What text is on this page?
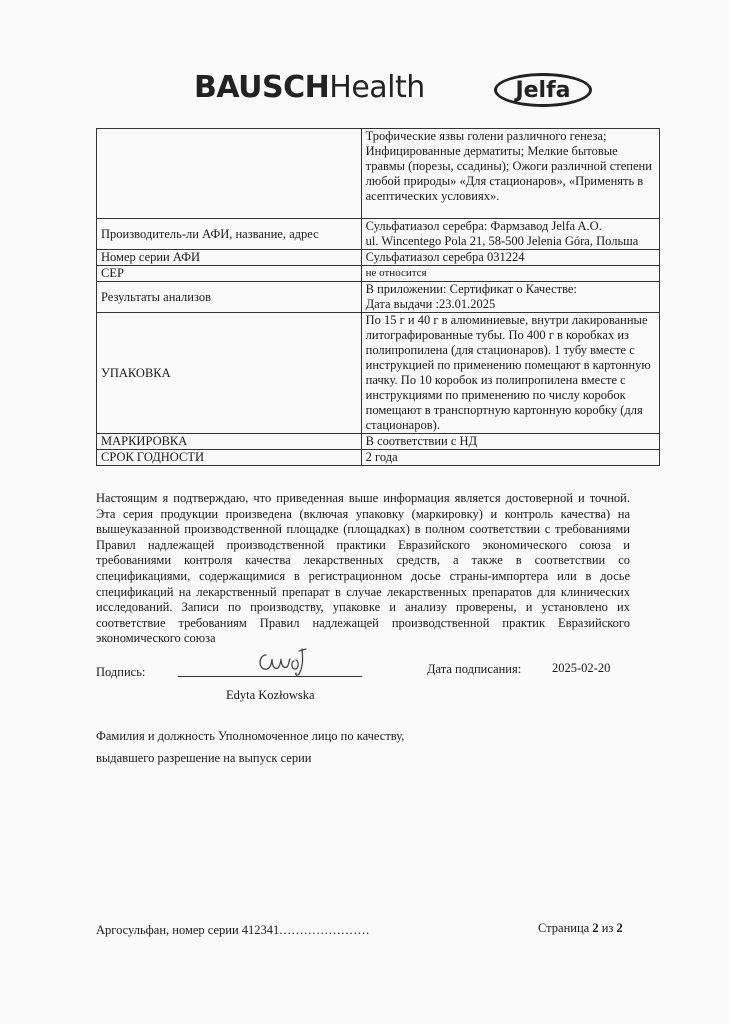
BAUSCHHealth	Jelfa
	Трофические язвы голени различного генеза; Инфицированные дерматиты; Мелкие бытовые травмы (порезы, ссадины); Ожоги различной степени любой природы» «Для стационаров», «Применять в асептических условиях».
Производитель-ли АФИ, название, адрес	Сульфатиазол серебра: Фармзавод Jelfa A.O.
ul. Wincentego Pola 21, 58-500 Jelenia Góra, Польша

Номер серии АФИ	Сульфатиазол серебра 031224
СЕР	не относится
Результаты анализов	В приложении: Сертификат о Качестве:
Дата выдачи :23.01.2025

УПАКОВКА	По 15 г и 40 г в алюминиевые, внутри лакированные литографированные тубы. По 400 г в коробках из полипропилена (для стационаров). 1 тубу вместе с инструкцией по применению помещают в картонную пачку. По 10 коробок из полипропилена вместе с инструкциями по применению по числу коробок помещают в транспортную картонную коробку (для стационаров).
МАРКИРОВКА	В соответствии с НД
СРОК ГОДНОСТИ	2 года
Настоящим я подтверждаю, что приведенная выше информация является достоверной и точной. Эта серия продукции произведена (включая упаковку (маркировку) и контроль качества) на вышеуказанной производственной площадке (площадках) в полном соответствии с требованиями Правил надлежащей производственной практики Евразийского экономического союза и требованиями контроля качества лекарственных средств, а также в соответствии со спецификациями, содержащимися в регистрационном досье страны-импортера или в досье спецификаций на лекарственный препарат в случае лекарственных препаратов для клинических исследований. Записи по производству, упаковке и анализу проверены, и установлено их соответствие требованиям Правил надлежащей производственной практик Евразийского экономического союза
Подпись:	Дата подписания: 2025-02-20
Edyta Kozłowska
Фамилия и должность Уполномоченное лицо по качеству,
выдавшего разрешение на выпуск серии
Аргосульфан, номер серии 412341......................	Страница 2 из 2
